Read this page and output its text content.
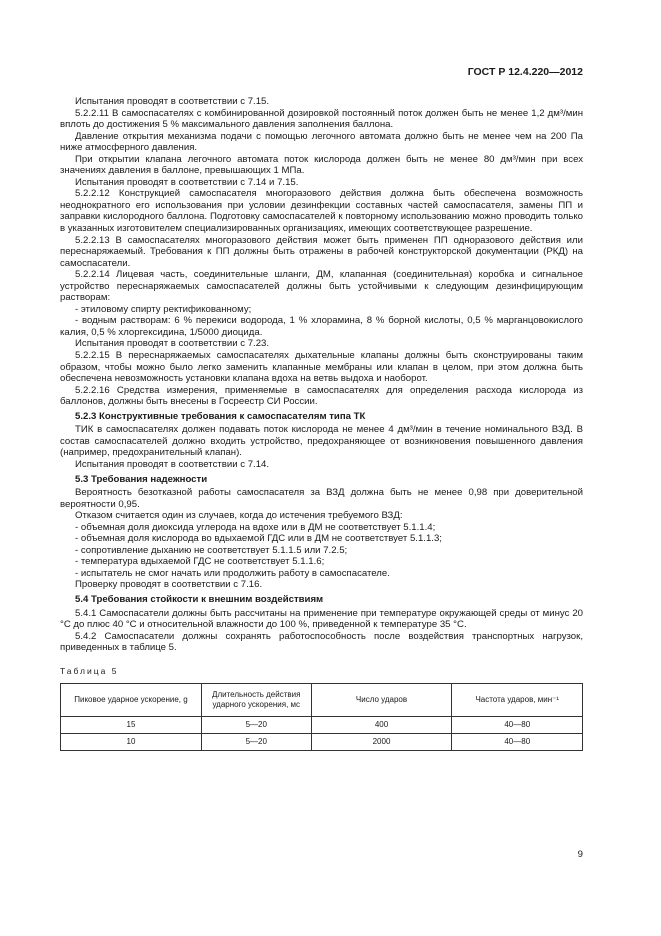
ГОСТ Р 12.4.220—2012

Испытания проводят в соответствии с 7.15.

5.2.2.11 В самоспасателях с комбинированной дозировкой постоянный поток должен быть не менее 1,2 дм³/мин вплоть до достижения 5 % максимального давления заполнения баллона.

Давление открытия механизма подачи с помощью легочного автомата должно быть не менее чем на 200 Па ниже атмосферного давления.

При открытии клапана легочного автомата поток кислорода должен быть не менее 80 дм³/мин при всех значениях давления в баллоне, превышающих 1 МПа.

Испытания проводят в соответствии с 7.14 и 7.15.

5.2.2.12 Конструкцией самоспасателя многоразового действия должна быть обеспечена возможность неоднократного его использования при условии дезинфекции составных частей самоспасателя, замены ПП и заправки кислородного баллона. Подготовку самоспасателей к повторному использованию можно проводить только в указанных изготовителем специализированных организациях, имеющих соответствующее разрешение.

5.2.2.13 В самоспасателях многоразового действия может быть применен ПП одноразового действия или переснаряжаемый. Требования к ПП должны быть отражены в рабочей конструкторской документации (РКД) на самоспасатели.

5.2.2.14 Лицевая часть, соединительные шланги, ДМ, клапанная (соединительная) коробка и сигнальное устройство переснаряжаемых самоспасателей должны быть устойчивыми к следующим дезинфицирующим растворам:

- этиловому спирту ректификованному;

- водным растворам: 6 % перекиси водорода, 1 % хлорамина, 8 % борной кислоты, 0,5 % марганцовокислого калия, 0,5 % хлоргексидина, 1/5000 диоцида.

Испытания проводят в соответствии с 7.23.

5.2.2.15 В переснаряжаемых самоспасателях дыхательные клапаны должны быть сконструированы таким образом, чтобы можно было легко заменить клапанные мембраны или клапан в целом, при этом должна быть обеспечена невозможность установки клапана вдоха на ветвь выдоха и наоборот.

5.2.2.16 Средства измерения, применяемые в самоспасателях для определения расхода кислорода из баллонов, должны быть внесены в Госреестр СИ России.

5.2.3 Конструктивные требования к самоспасателям типа ТК

ТИК в самоспасателях должен подавать поток кислорода не менее 4 дм³/мин в течение номинального ВЗД. В состав самоспасателей должно входить устройство, предохраняющее от возникновения повышенного давления (например, предохранительный клапан).

Испытания проводят в соответствии с 7.14.

5.3 Требования надежности

Вероятность безотказной работы самоспасателя за ВЗД должна быть не менее 0,98 при доверительной вероятности 0,95.

Отказом считается один из случаев, когда до истечения требуемого ВЗД:

- объемная доля диоксида углерода на вдохе или в ДМ не соответствует 5.1.1.4;

- объемная доля кислорода во вдыхаемой ГДС или в ДМ не соответствует 5.1.1.3;

- сопротивление дыханию не соответствует 5.1.1.5 или 7.2.5;

- температура вдыхаемой ГДС не соответствует 5.1.1.6;

- испытатель не смог начать или продолжить работу в самоспасателе.

Проверку проводят в соответствии с 7.16.

5.4 Требования стойкости к внешним воздействиям

5.4.1 Самоспасатели должны быть рассчитаны на применение при температуре окружающей среды от минус 20 °С до плюс 40 °С и относительной влажности до 100 %, приведенной к температуре 35 °С.

5.4.2 Самоспасатели должны сохранять работоспособность после воздействия транспортных нагрузок, приведенных в таблице 5.

Таблица 5

Пиковое ударное ускорение, g	Длительность действия ударного ускорения, мс	Число ударов	Частота ударов, мин⁻¹
15	5—20	400	40—80
10	5—20	2000	40—80
9
